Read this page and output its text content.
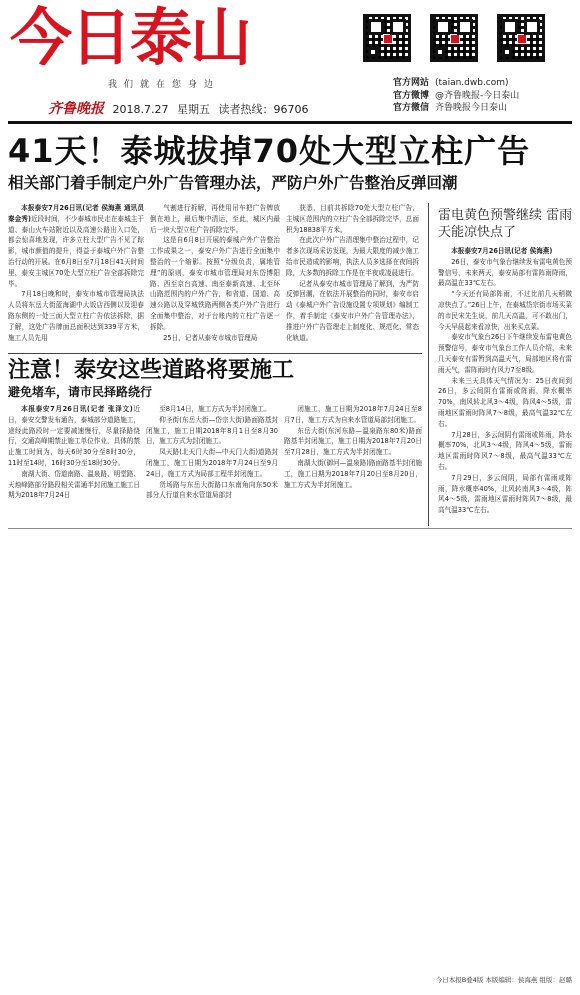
今日泰山
我们就在您身边
齐鲁晚报 2018.7.27 星期五 读者热线：96706
官方网站 (taian.dwb.com)
官方微博 @齐鲁晚报-今日泰山
官方微信 齐鲁晚报今日泰山
41天！泰城拔掉70处大型立柱广告
相关部门着手制定户外广告管理办法，严防户外广告整治反弹回潮

本报泰安7月26日讯(记者 侯海燕 通讯员 秦金秀)近段时间，不少泰城市民走在泰城主干道、泰山火车站附近以及高速公路出入口处，都会惊喜地发现，许多立柱大型广告不见了踪影，城市颜值的提升，得益于泰城户外广告整治行动的开展。在6月8日至7月18日41天时间里，泰安主城区70处大型立柱广告全部拆除完毕。

7月18日晚和时，泰安市城市管理局执法人员将东岳大街蓝海湖中大饭店西侧以及迎春路东侧的一处三面大型立柱广告依法拆除，据了解，这处广告牌面总面积达到339平方米，施工人员先用

气割进行拆解，再使用吊车把广告牌放倒在地上，最后集中清运，至此，城区内最后一块大型立柱广告拆除完毕。

这是自6月8日开展的泰城户外广告整治工作成果之一，泰安户外广告进行全面集中整治的一个缩影。按照“分级负责，属地管理”的原则，泰安市城市管理局对东岱博阳路、西至京台高速、南至泰新高速、北至环山路范围内的户外广告，和省道、国道、高速公路以及穿城铁路两侧各类户外广告进行全面集中整治，对于台账内的立柱广告逐一拆除。

25日，记者从泰安市城市管理局

获悉，目前共拆除70处大型立柱广告，主城区范围内的立柱广告全部拆除完毕，总面积为18838平方米。

在此次户外广告清理集中整治过程中，记者多次现场采访发现，为最大限度的减少施工给市民造成的影响，执法人员多选择在夜间拆除，大多数的拆除工作是在半夜或凌晨进行。

记者从泰安市城市管理局了解到，为严防反弹回潮，在依法开展整治的同时，泰安市启动《泰城户外广告设施设置专项规划》编制工作，着手制定《泰安市户外广告管理办法》，推进户外广告管理走上制度化、规范化、常态化轨道。

雷电黄色预警继续 雷雨天能凉快点了

本报泰安7月26日讯(记者 侯海燕)

26日，泰安市气象台继续发布雷电黄色预警信号，未来两天，泰安局部有雷阵雨降雨，最高温在33℃左右。

“今天还有局部阵雨，不过比前几天稍微凉快点了。”26日上午，在泰城岱宗街市场买菜的市民宋先生说，前几天高温，可不敢出门，今天早晨起来看凉快，出来买点菜。

泰安市气象台26日下午继续发布雷电黄色预警信号，泰安市气象台工作人员介绍，未来几天泰安有雷暂到高温天气，局部地区将有雷雨天气，雷阵雨时有风力7至8级。

未来三天具体天气情况为：25日夜间到26日，多云间阴有雷雨或阵雨，降水概率70%，南风转北风3～4级，阵风4～5级，雷雨地区雷雨时阵风7～8级，最高气温32℃左右。

7月28日，多云间阴有雷雨或阵雨，降水概率70%，北风3～4级，阵风4～5级，雷雨地区雷雨时阵风7～8级，最高气温33℃左右。

7月29日，多云间阴，局部有雷雨或阵雨，降水概率40%，北风转南风3～4级，阵风4～5级，雷雨地区雷雨时阵风7～8级，最高气温33℃左右。

注意！泰安这些道路将要施工
避免堵车，请市民择路绕行

本报泰安7月26日讯(记者 张泽文)近日，泰安交警发布通告，泰城部分道路施工，途经此路段时一定要减速慢行，尽量择路绕行，交通高峰期禁止施工单位作业，具体的禁止施工时间为，每天6时30分至8时30分，11时至14时，16时30分至18时30分。

南湖大街、岱道南路、温泉路、明堂路、天烛峰路部分路段相关雷通半封闭施工施工日期为2018年7月24日

至8月14日，施工方式为半封闭施工。

仰圣街(东岳大街—岱宗大街)路面路基封闭施工，施工日期2018年8月1日至8月30日，施工方式为封闭施工。

凤天路(北天门大街—中天门大街)道路封闭施工，施工日期为2018年7月24日至9月24日，施工方式为局部工程半封闭施工。

货场路与东岳大街路口东南角向东50米部分人行道自来水管道局部封

闭施工，施工日期为2018年7月24日至8月7日，施工方式为自来水管道局部封闭施工。

东岳大街(东河东路—温泉路东80米)路面路基半封闭施工，施工日期为2018年7月20日至7月28日，施工方式为半封闭施工。

南湖大街(御河—温泉路)路面路基半封闭施工，施工日期为2018年7月20日至8月20日，施工方式为半封闭施工。

今日本报B叠4版 本版编辑：侯海燕 组版：赵璐
